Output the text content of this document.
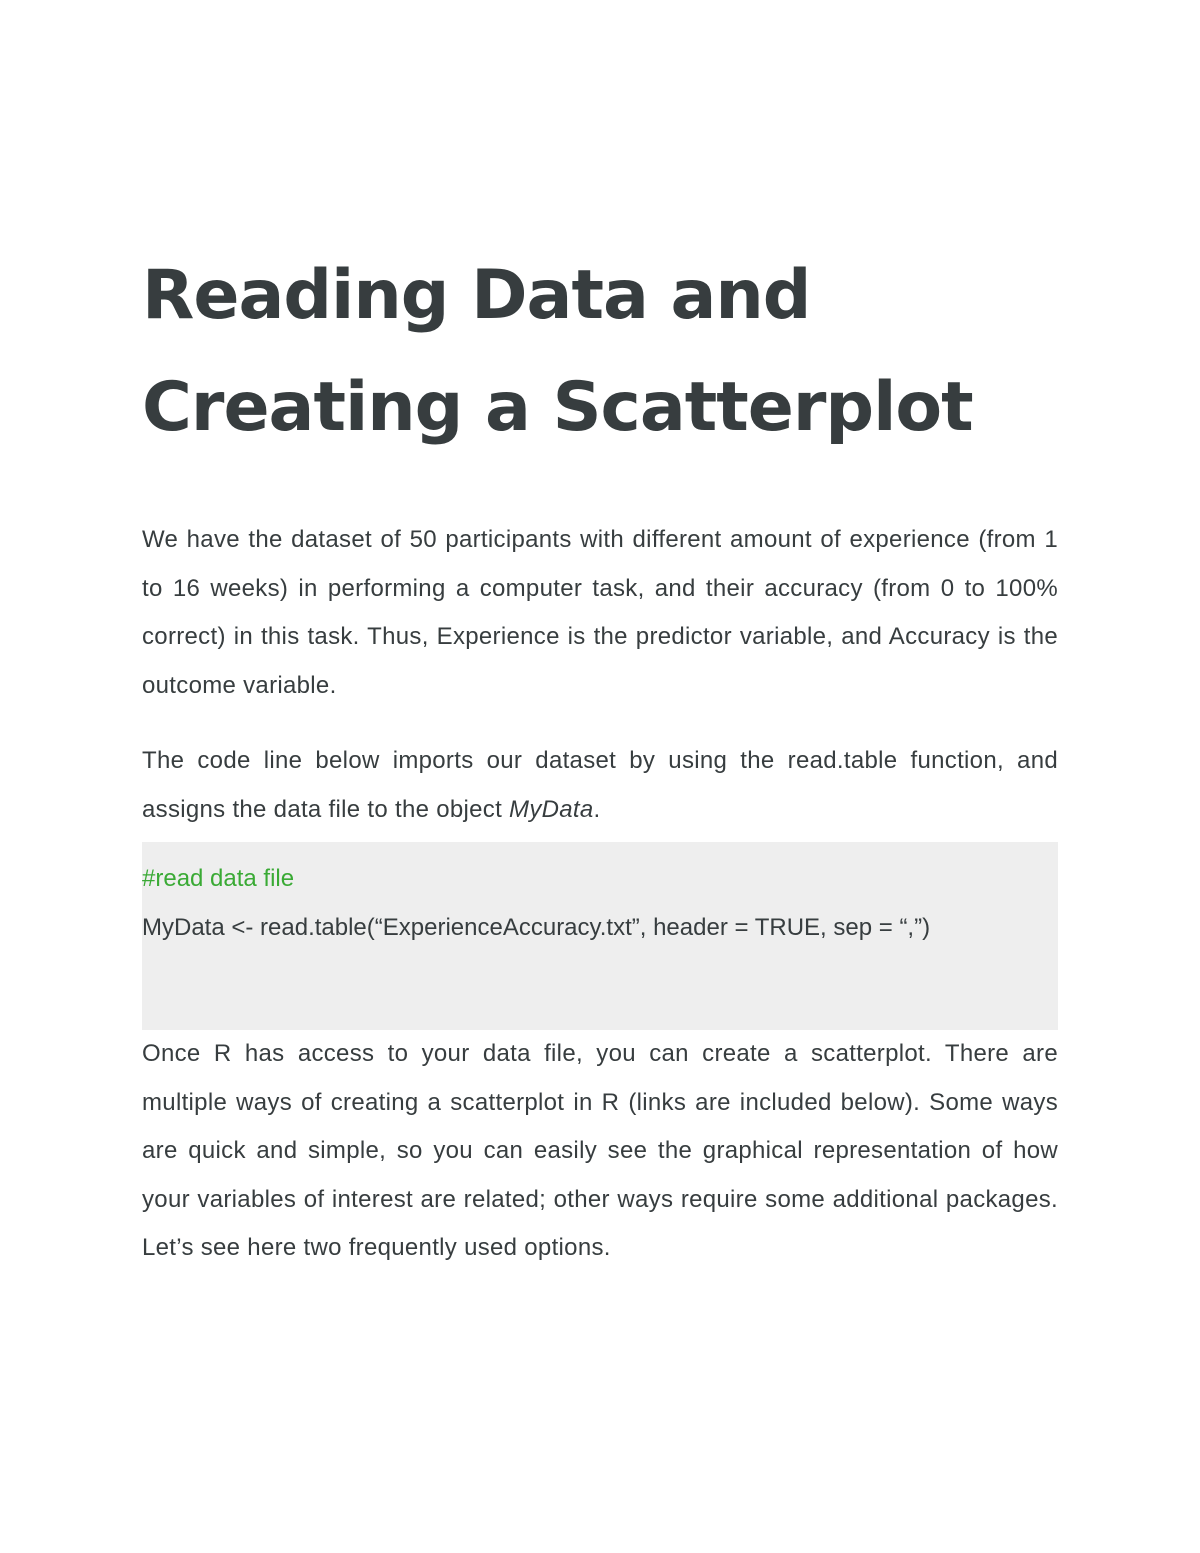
Reading Data and
Creating a Scatterplot

We have the dataset of 50 participants with different amount of experience (from 1 to 16 weeks) in performing a computer task, and their accuracy (from 0 to 100% correct) in this task. Thus, Experience is the predictor variable, and Accuracy is the outcome variable.

The code line below imports our dataset by using the read.table function, and assigns the data file to the object MyData.

#read data file
MyData <- read.table(“ExperienceAccuracy.txt”, header = TRUE, sep = “,”)

Once R has access to your data file, you can create a scatterplot. There are multiple ways of creating a scatterplot in R (links are included below). Some ways are quick and simple, so you can easily see the graphical representation of how your variables of interest are related; other ways require some additional packages. Let’s see here two frequently used options.
